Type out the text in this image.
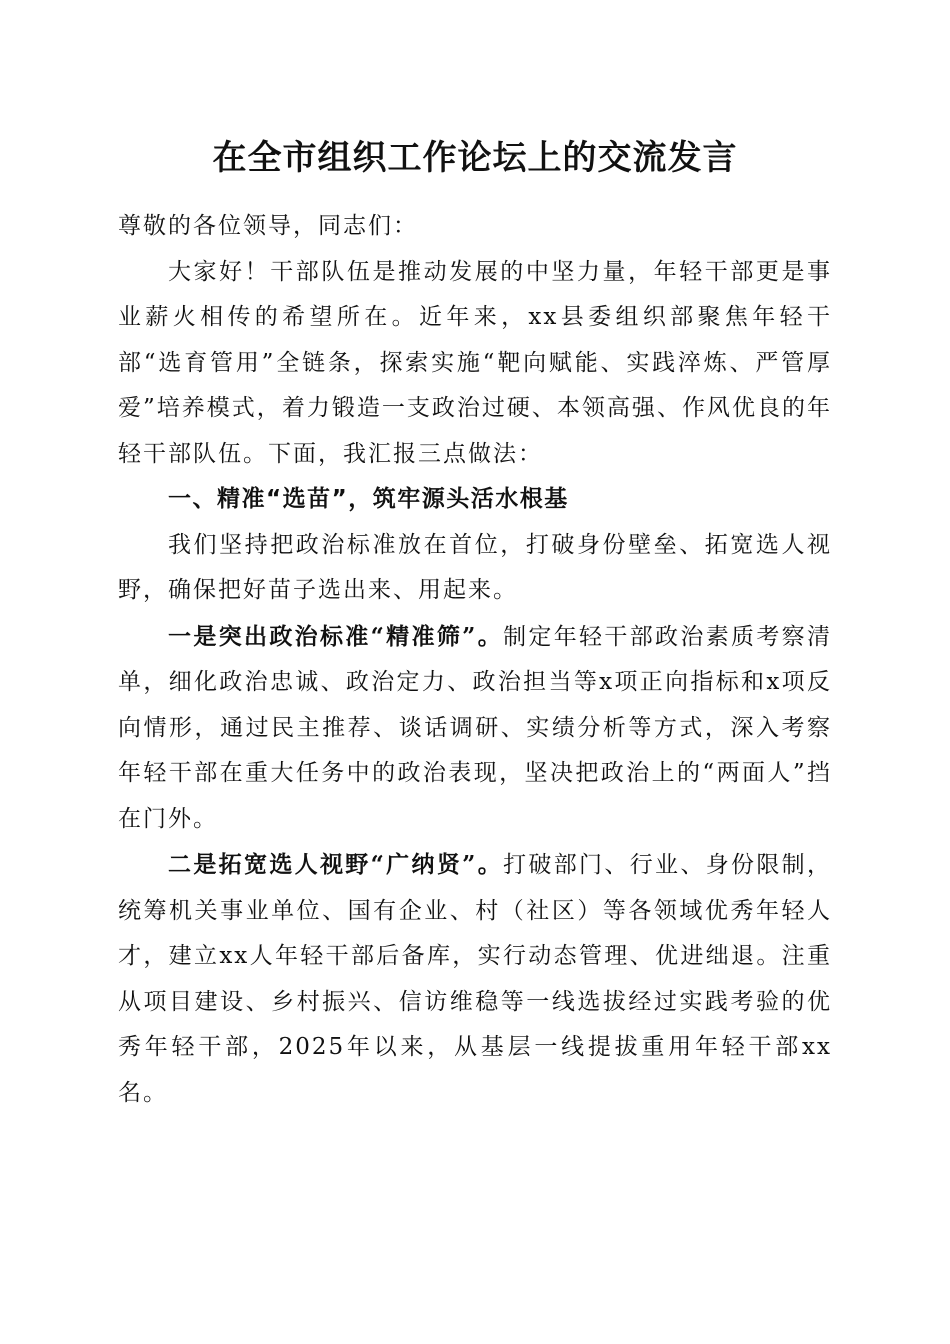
在全市组织工作论坛上的交流发言

尊敬的各位领导，同志们：

大家好！干部队伍是推动发展的中坚力量，年轻干部更是事业薪火相传的希望所在。近年来，xx县委组织部聚焦年轻干部“选育管用”全链条，探索实施“靶向赋能、实践淬炼、严管厚爱”培养模式，着力锻造一支政治过硬、本领高强、作风优良的年轻干部队伍。下面，我汇报三点做法：

一、精准“选苗”，筑牢源头活水根基

我们坚持把政治标准放在首位，打破身份壁垒、拓宽选人视野，确保把好苗子选出来、用起来。

一是突出政治标准“精准筛”。制定年轻干部政治素质考察清单，细化政治忠诚、政治定力、政治担当等x项正向指标和x项反向情形，通过民主推荐、谈话调研、实绩分析等方式，深入考察年轻干部在重大任务中的政治表现，坚决把政治上的“两面人”挡在门外。

二是拓宽选人视野“广纳贤”。打破部门、行业、身份限制，统筹机关事业单位、国有企业、村（社区）等各领域优秀年轻人才，建立xx人年轻干部后备库，实行动态管理、优进绌退。注重从项目建设、乡村振兴、信访维稳等一线选拔经过实践考验的优秀年轻干部，2025年以来，从基层一线提拔重用年轻干部xx名。
